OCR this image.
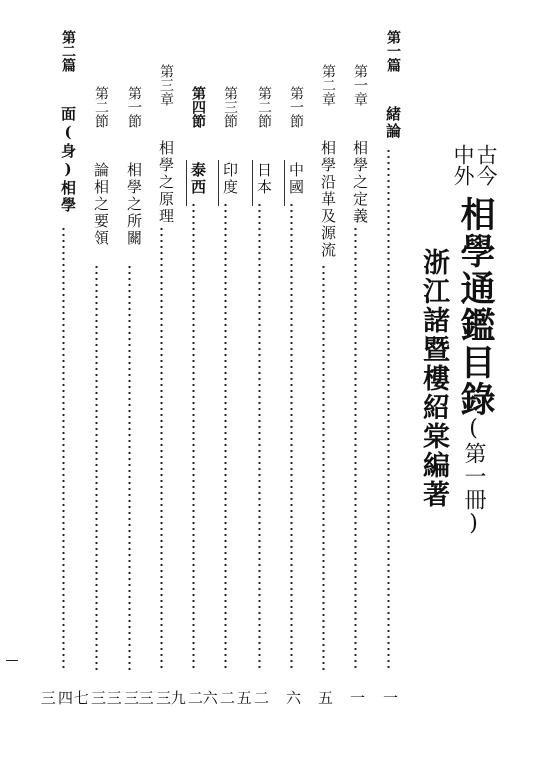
古今
中外
相學通鑑目錄
(第一冊)
浙江諸暨樓紹棠編著
第一篇
緒論
一
第一章
相學之定義
一
第二章
相學沿革及源流
五
第一節
中國
六
第二節
日本
二五
第三節
印度
二六
第四節
泰西
二九
第三章
相學之原理
三三
第一節
相學之所關
三三
第二節
論相之要領
三七
第二篇
面(身)相學
四三
